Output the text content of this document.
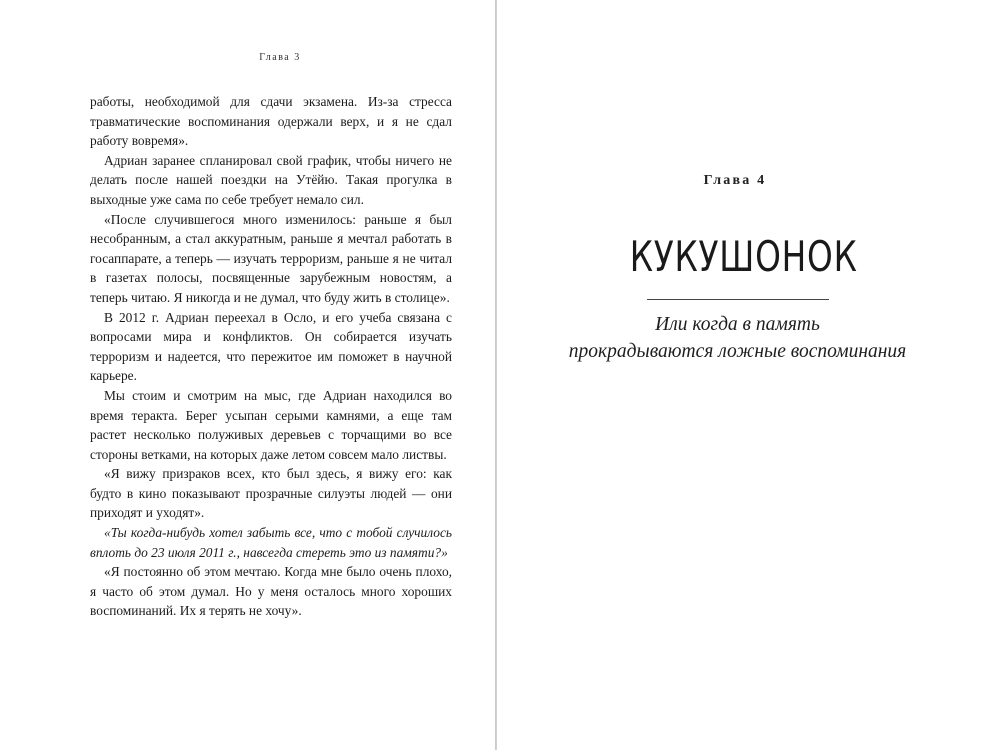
Глава 3

работы, необходимой для сдачи экзамена. Из-за стресса травматические воспоминания одержали верх, и я не сдал работу вовремя».

Адриан заранее спланировал свой график, чтобы ничего не делать после нашей поездки на Утёйю. Такая прогулка в выходные уже сама по себе требует немало сил.

«После случившегося много изменилось: раньше я был несобранным, а стал аккуратным, раньше я мечтал работать в госаппарате, а теперь — изучать терроризм, раньше я не читал в газетах полосы, посвященные зарубежным новостям, а теперь читаю. Я никогда и не думал, что буду жить в столице».

В 2012 г. Адриан переехал в Осло, и его учеба связана с вопросами мира и конфликтов. Он собирается изучать терроризм и надеется, что пережитое им поможет в научной карьере.

Мы стоим и смотрим на мыс, где Адриан находился во время теракта. Берег усыпан серыми камнями, а еще там растет несколько полуживых деревьев с торчащими во все стороны ветками, на которых даже летом совсем мало листвы.

«Я вижу призраков всех, кто был здесь, я вижу его: как будто в кино показывают прозрачные силуэты людей — они приходят и уходят».

«Ты когда-нибудь хотел забыть все, что с тобой случилось вплоть до 23 июля 2011 г., навсегда стереть это из памяти?»

«Я постоянно об этом мечтаю. Когда мне было очень плохо, я часто об этом думал. Но у меня осталось много хороших воспоминаний. Их я терять не хочу».

Глава 4
КУКУШОНОК
Или когда в память
прокрадываются ложные воспоминания
